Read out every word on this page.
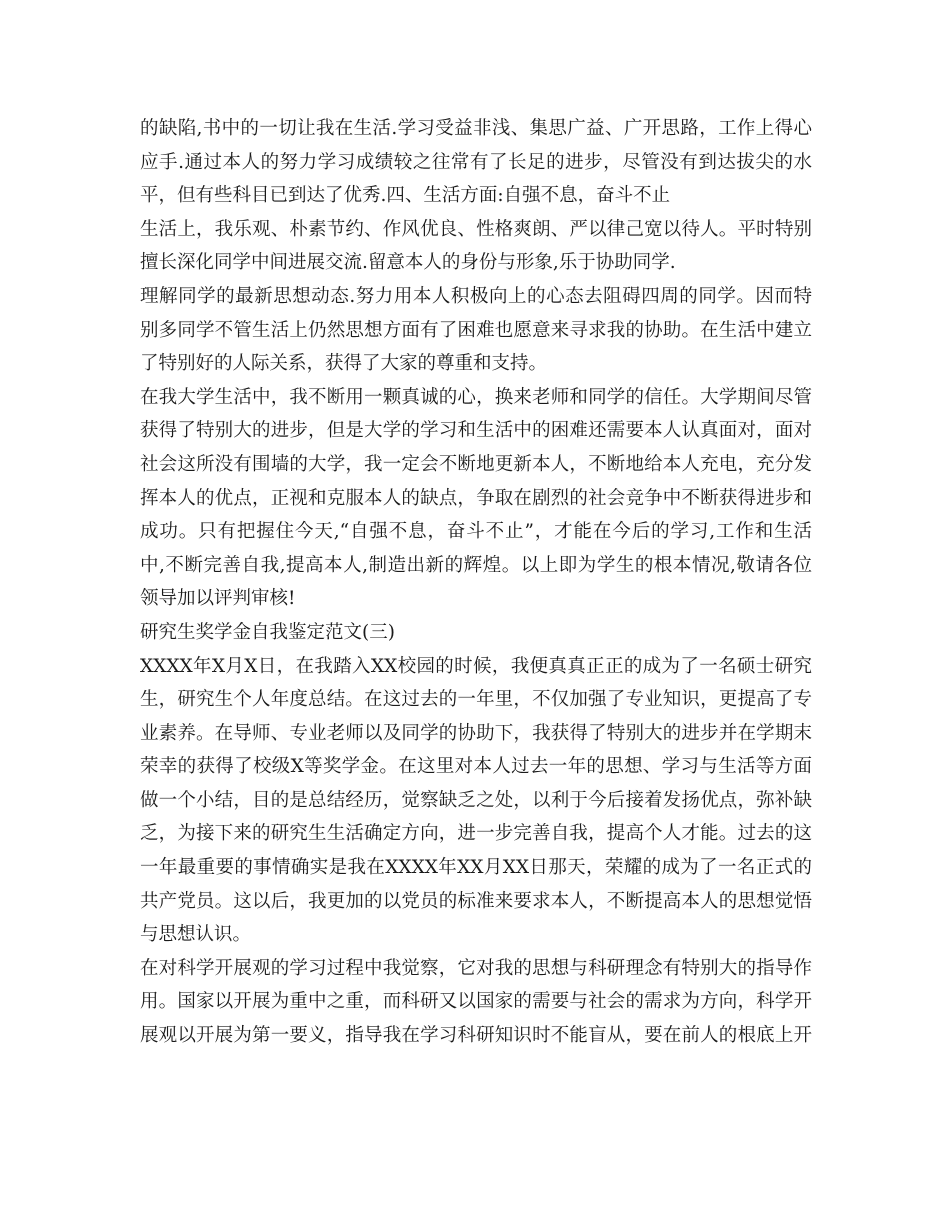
的缺陷,书中的一切让我在生活.学习受益非浅、集思广益、广开思路，工作上得心
应手.通过本人的努力学习成绩较之往常有了长足的进步，尽管没有到达拔尖的水
平，但有些科目已到达了优秀.四、生活方面:自强不息，奋斗不止
生活上，我乐观、朴素节约、作风优良、性格爽朗、严以律己宽以待人。平时特别
擅长深化同学中间进展交流.留意本人的身份与形象,乐于协助同学.
理解同学的最新思想动态.努力用本人积极向上的心态去阻碍四周的同学。因而特
别多同学不管生活上仍然思想方面有了困难也愿意来寻求我的协助。在生活中建立
了特别好的人际关系，获得了大家的尊重和支持。
在我大学生活中，我不断用一颗真诚的心，换来老师和同学的信任。大学期间尽管
获得了特别大的进步，但是大学的学习和生活中的困难还需要本人认真面对，面对
社会这所没有围墙的大学，我一定会不断地更新本人，不断地给本人充电，充分发
挥本人的优点，正视和克服本人的缺点，争取在剧烈的社会竞争中不断获得进步和
成功。只有把握住今天,“自强不息，奋斗不止”，才能在今后的学习,工作和生活
中,不断完善自我,提高本人,制造出新的辉煌。以上即为学生的根本情况,敬请各位
领导加以评判审核!
研究生奖学金自我鉴定范文(三)
XXXX年X月X日，在我踏入XX校园的时候，我便真真正正的成为了一名硕士研究
生，研究生个人年度总结。在这过去的一年里，不仅加强了专业知识，更提高了专
业素养。在导师、专业老师以及同学的协助下，我获得了特别大的进步并在学期末
荣幸的获得了校级X等奖学金。在这里对本人过去一年的思想、学习与生活等方面
做一个小结，目的是总结经历，觉察缺乏之处，以利于今后接着发扬优点，弥补缺
乏，为接下来的研究生生活确定方向，进一步完善自我，提高个人才能。过去的这
一年最重要的事情确实是我在XXXX年XX月XX日那天，荣耀的成为了一名正式的
共产党员。这以后，我更加的以党员的标准来要求本人，不断提高本人的思想觉悟
与思想认识。
在对科学开展观的学习过程中我觉察，它对我的思想与科研理念有特别大的指导作
用。国家以开展为重中之重，而科研又以国家的需要与社会的需求为方向，科学开
展观以开展为第一要义，指导我在学习科研知识时不能盲从，要在前人的根底上开
